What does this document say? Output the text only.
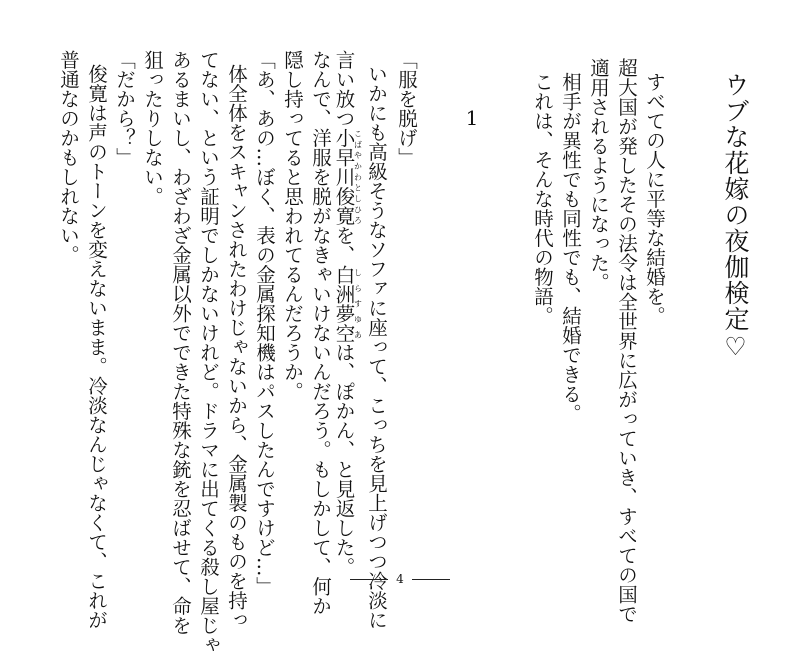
ウブな花嫁の夜伽検定♡
すべての人に平等な結婚を。
超大国が発したその法令は全世界に広がっていき、すべての国で
適用されるようになった。
相手が異性でも同性でも、結婚できる。
これは、そんな時代の物語。
1
「服を脱げ」
いかにも高級そうなソファに座って、こっちを見上げつつ冷淡に
言い放つ小早川俊寛こばやかわとしひろを、白洲夢空しらすゆあは、ぽかん、と見返した。
なんで、洋服を脱がなきゃいけないんだろう。もしかして、何か
隠し持ってると思われてるんだろうか。
「あ、あの…ぼく、表の金属探知機はパスしたんですけど…」
体全体をスキャンされたわけじゃないから、金属製のものを持っ
てない、という証明でしかないけれど。ドラマに出てくる殺し屋じゃ
あるまいし、わざわざ金属以外でできた特殊な銃を忍ばせて、命を
狙ったりしない。
「だから？」
俊寛は声のトーンを変えないまま。冷淡なんじゃなくて、これが
普通なのかもしれない。
4
